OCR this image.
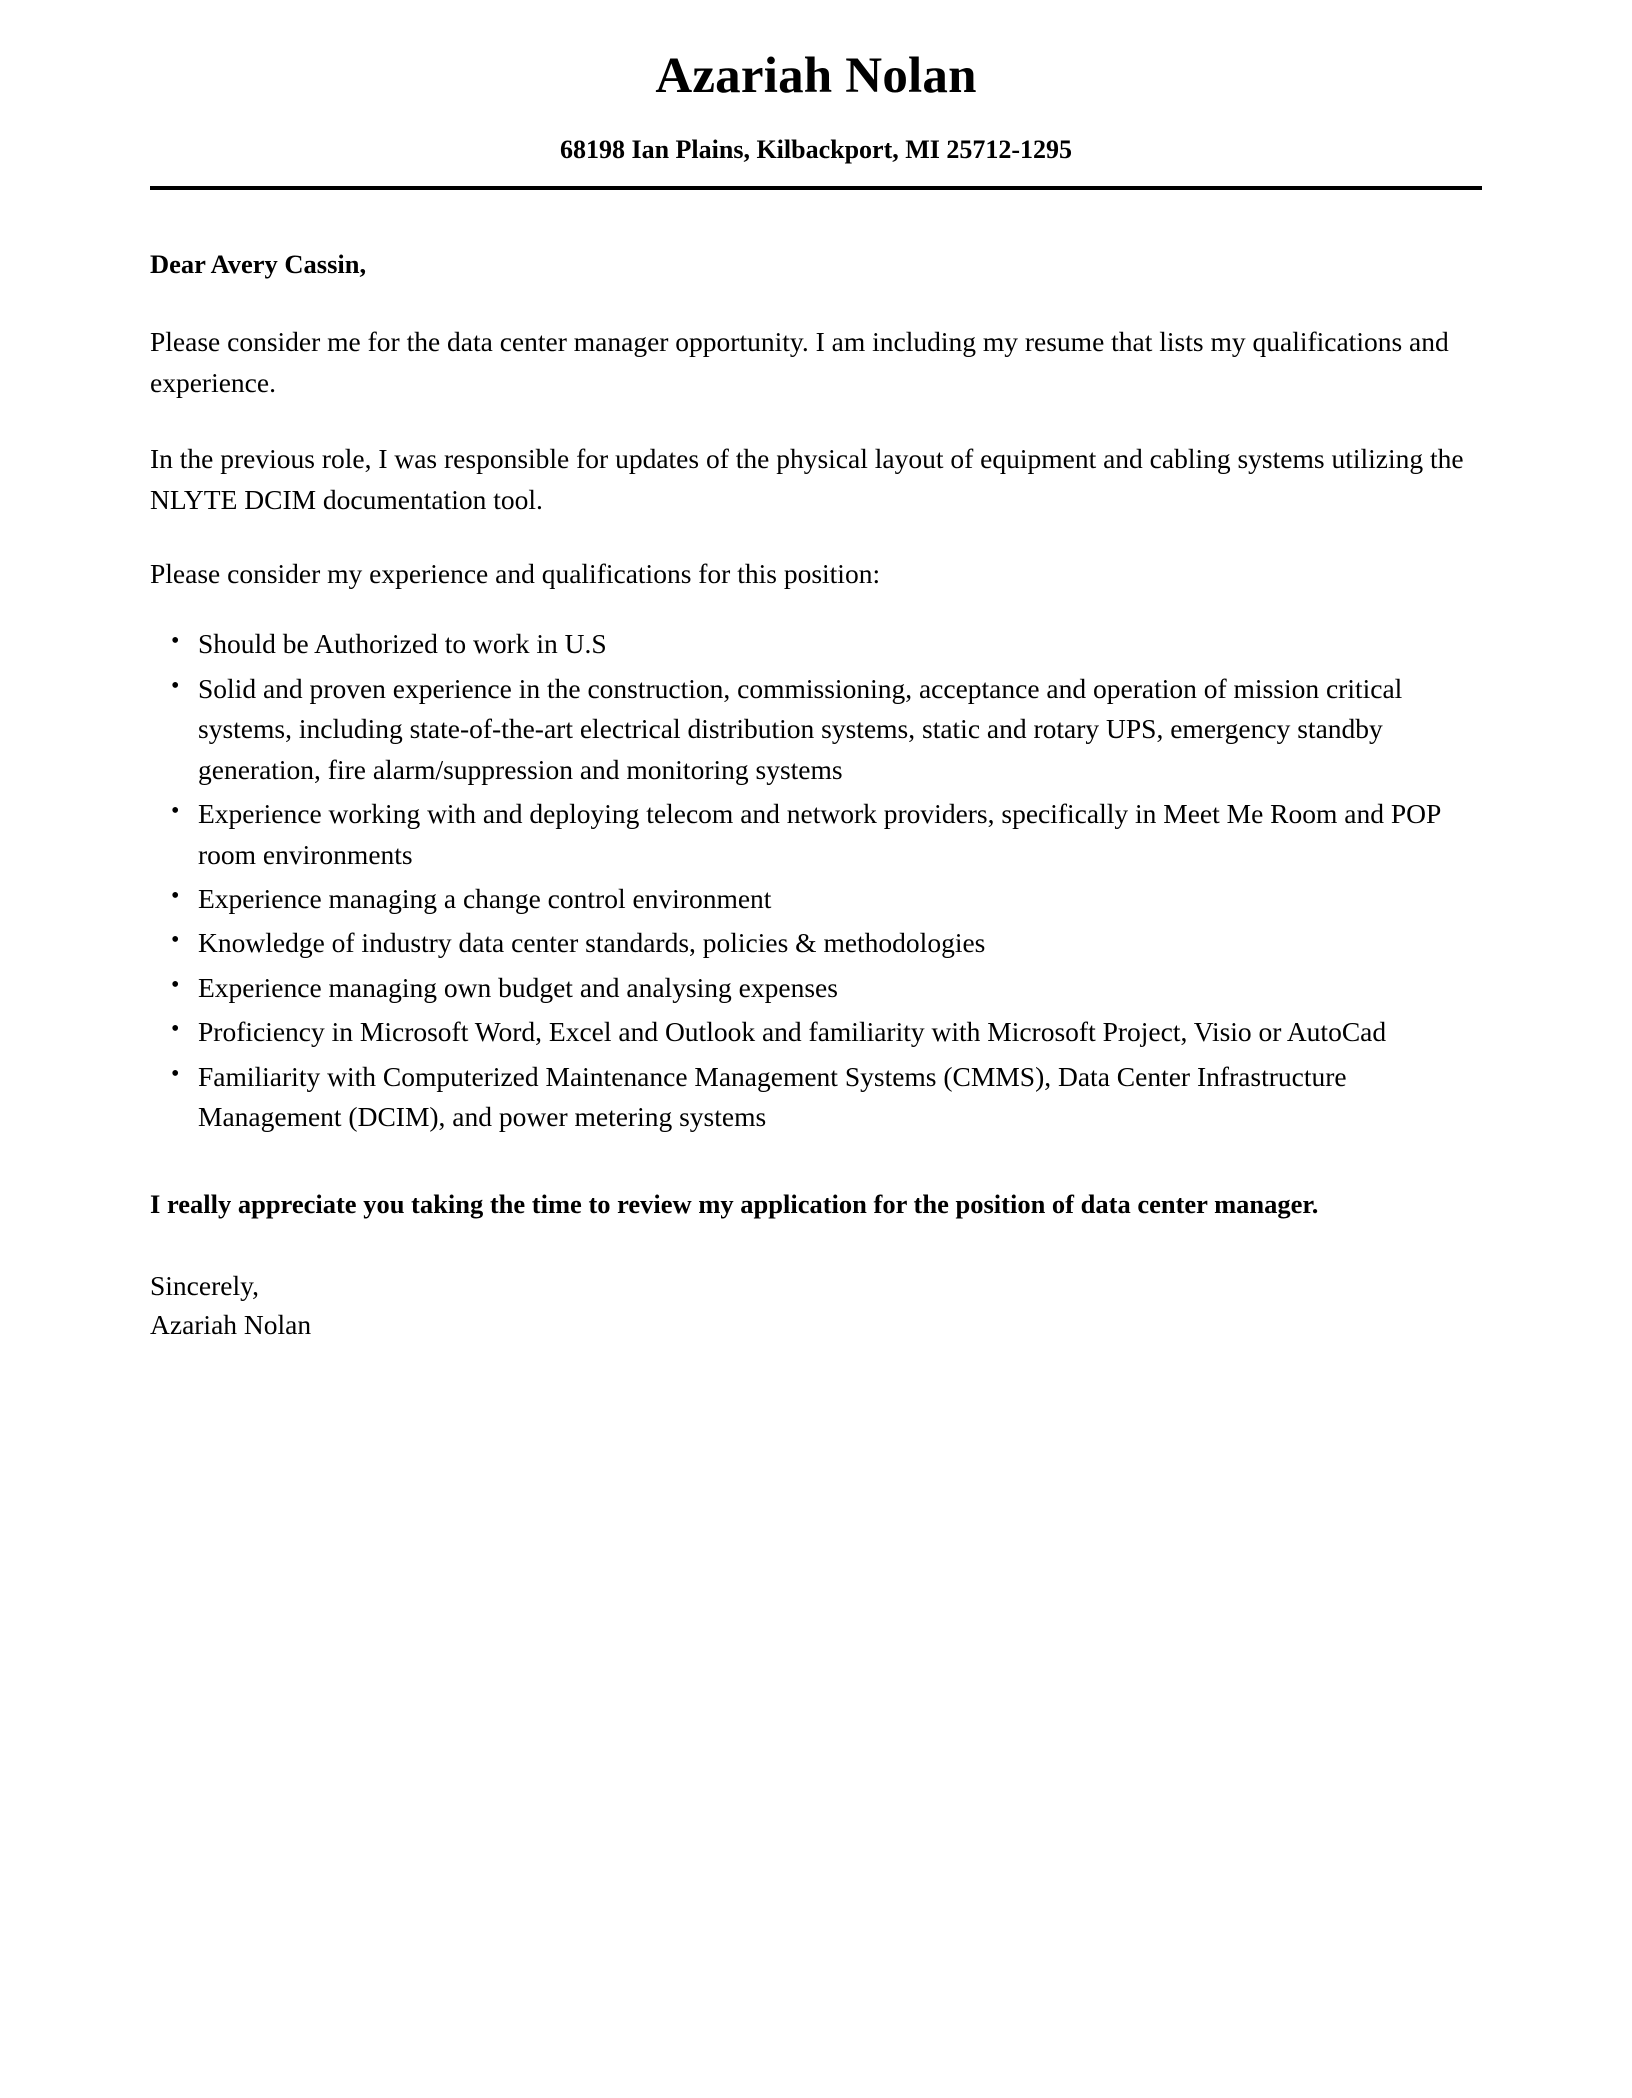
Azariah Nolan
68198 Ian Plains, Kilbackport, MI 25712-1295

Dear Avery Cassin,

Please consider me for the data center manager opportunity. I am including my resume that lists my qualifications and experience.

In the previous role, I was responsible for updates of the physical layout of equipment and cabling systems utilizing the NLYTE DCIM documentation tool.

Please consider my experience and qualifications for this position:

• Should be Authorized to work in U.S
• Solid and proven experience in the construction, commissioning, acceptance and operation of mission critical systems, including state-of-the-art electrical distribution systems, static and rotary UPS, emergency standby generation, fire alarm/suppression and monitoring systems
• Experience working with and deploying telecom and network providers, specifically in Meet Me Room and POP room environments
• Experience managing a change control environment
• Knowledge of industry data center standards, policies & methodologies
• Experience managing own budget and analysing expenses
• Proficiency in Microsoft Word, Excel and Outlook and familiarity with Microsoft Project, Visio or AutoCad
• Familiarity with Computerized Maintenance Management Systems (CMMS), Data Center Infrastructure Management (DCIM), and power metering systems

I really appreciate you taking the time to review my application for the position of data center manager.

Sincerely,

Azariah Nolan
